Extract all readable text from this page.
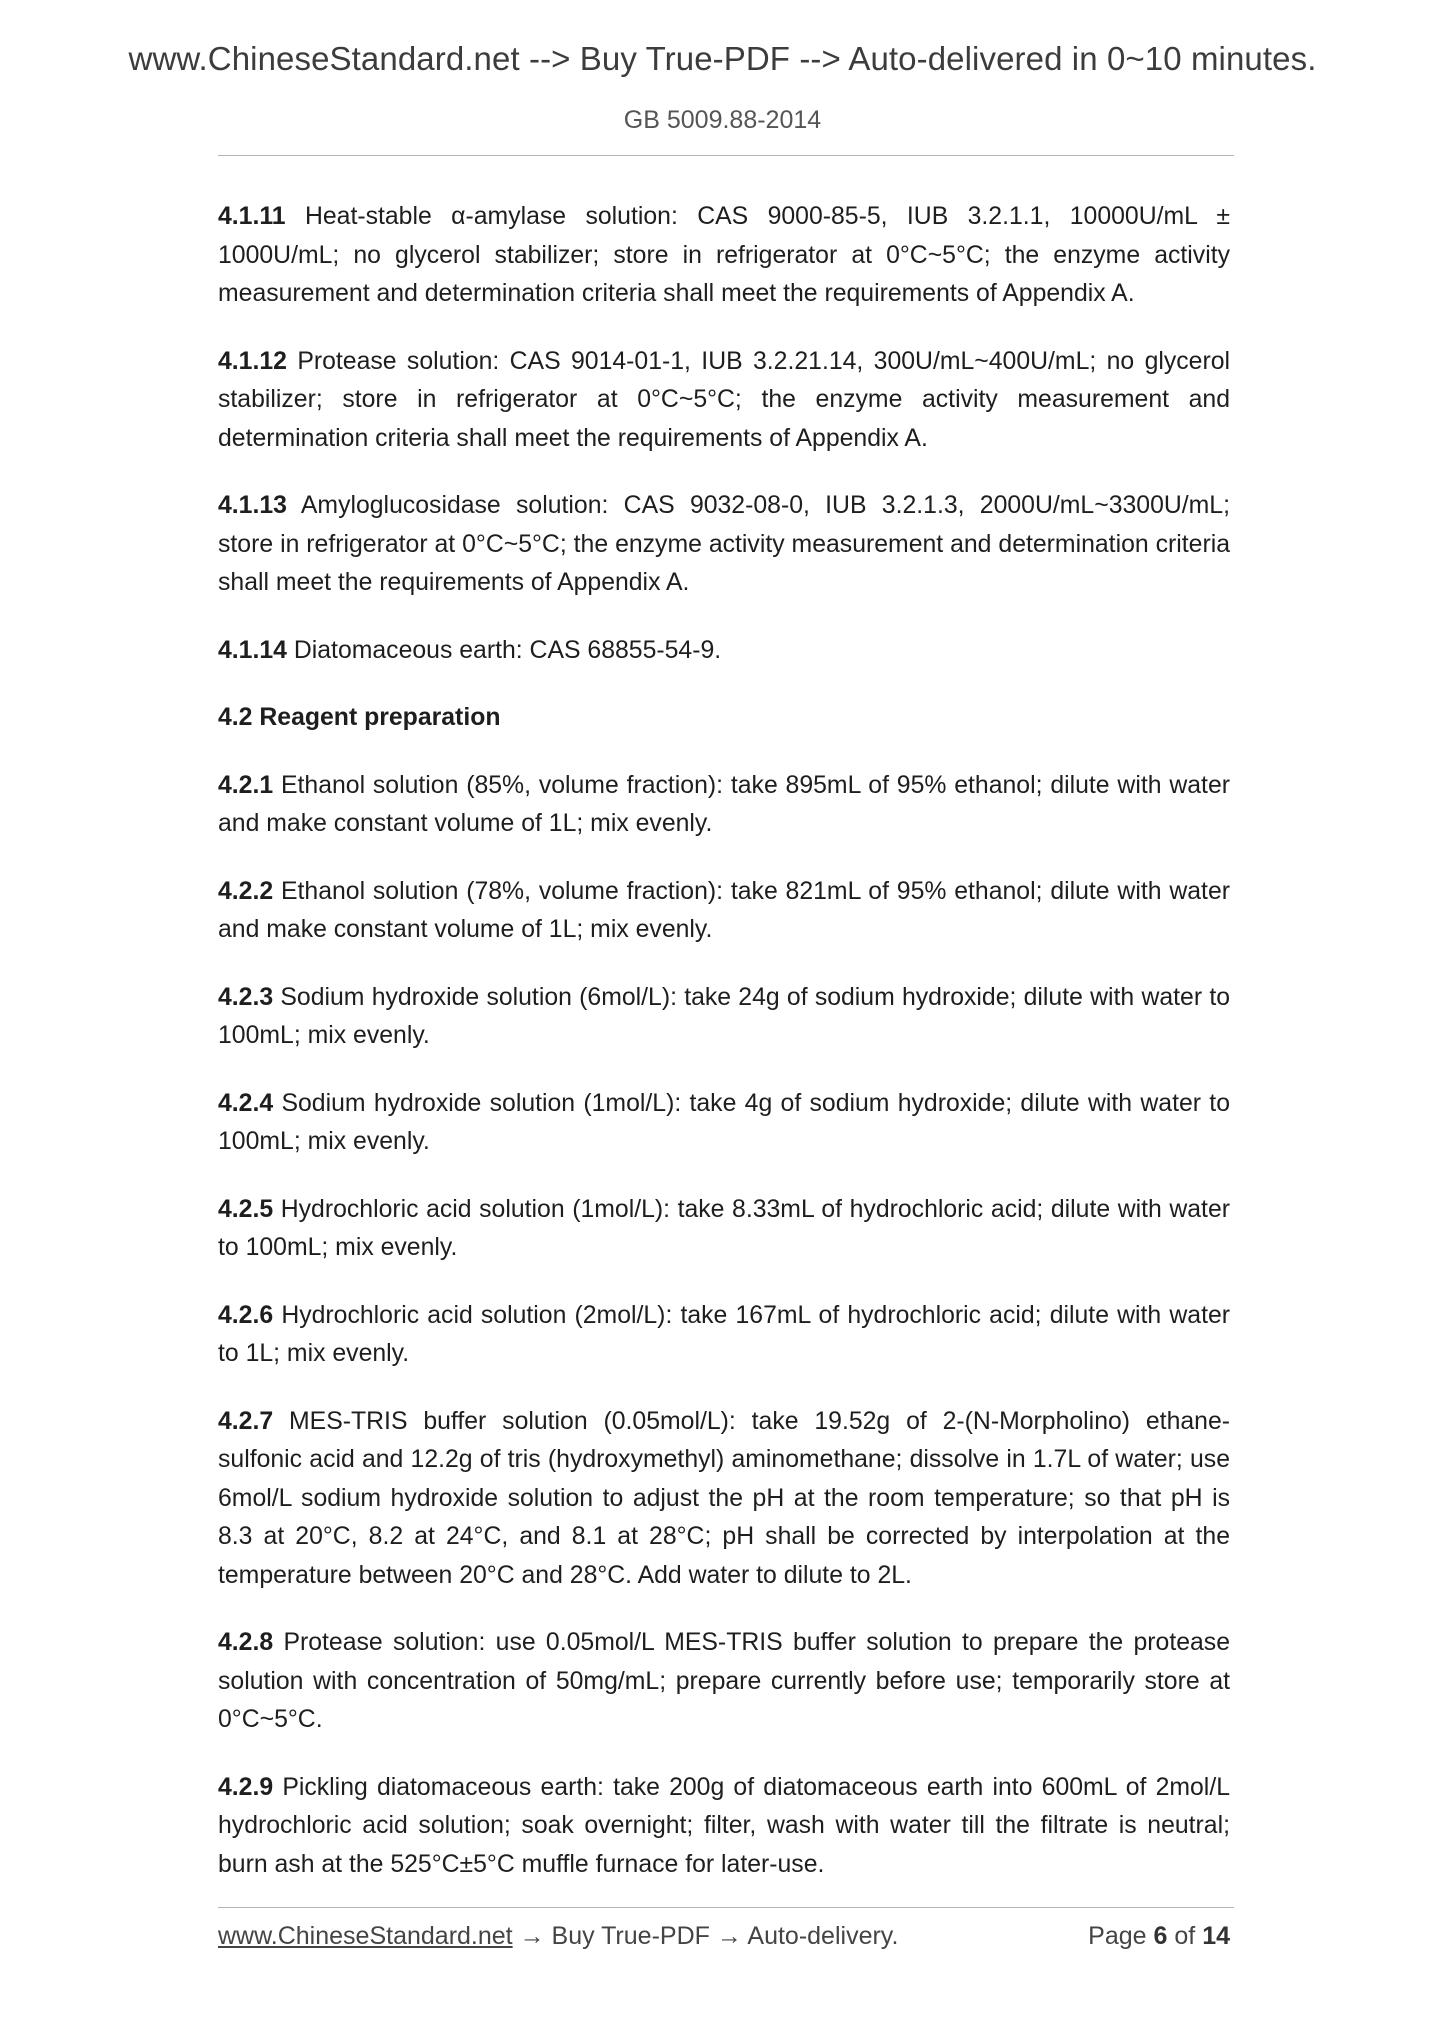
www.ChineseStandard.net --> Buy True-PDF --> Auto-delivered in 0~10 minutes.
GB 5009.88-2014

4.1.11 Heat-stable α-amylase solution: CAS 9000-85-5, IUB 3.2.1.1, 10000U/mL ± 1000U/mL; no glycerol stabilizer; store in refrigerator at 0°C~5°C; the enzyme activity measurement and determination criteria shall meet the requirements of Appendix A.

4.1.12 Protease solution: CAS 9014-01-1, IUB 3.2.21.14, 300U/mL~400U/mL; no glycerol stabilizer; store in refrigerator at 0°C~5°C; the enzyme activity measurement and determination criteria shall meet the requirements of Appendix A.

4.1.13 Amyloglucosidase solution: CAS 9032-08-0, IUB 3.2.1.3, 2000U/mL~3300U/mL; store in refrigerator at 0°C~5°C; the enzyme activity measurement and determination criteria shall meet the requirements of Appendix A.

4.1.14 Diatomaceous earth: CAS 68855-54-9.

4.2 Reagent preparation

4.2.1 Ethanol solution (85%, volume fraction): take 895mL of 95% ethanol; dilute with water and make constant volume of 1L; mix evenly.

4.2.2 Ethanol solution (78%, volume fraction): take 821mL of 95% ethanol; dilute with water and make constant volume of 1L; mix evenly.

4.2.3 Sodium hydroxide solution (6mol/L): take 24g of sodium hydroxide; dilute with water to 100mL; mix evenly.

4.2.4 Sodium hydroxide solution (1mol/L): take 4g of sodium hydroxide; dilute with water to 100mL; mix evenly.

4.2.5 Hydrochloric acid solution (1mol/L): take 8.33mL of hydrochloric acid; dilute with water to 100mL; mix evenly.

4.2.6 Hydrochloric acid solution (2mol/L): take 167mL of hydrochloric acid; dilute with water to 1L; mix evenly.

4.2.7 MES-TRIS buffer solution (0.05mol/L): take 19.52g of 2-(N-Morpholino) ethane-sulfonic acid and 12.2g of tris (hydroxymethyl) aminomethane; dissolve in 1.7L of water; use 6mol/L sodium hydroxide solution to adjust the pH at the room temperature; so that pH is 8.3 at 20°C, 8.2 at 24°C, and 8.1 at 28°C; pH shall be corrected by interpolation at the temperature between 20°C and 28°C. Add water to dilute to 2L.

4.2.8 Protease solution: use 0.05mol/L MES-TRIS buffer solution to prepare the protease solution with concentration of 50mg/mL; prepare currently before use; temporarily store at 0°C~5°C.

4.2.9 Pickling diatomaceous earth: take 200g of diatomaceous earth into 600mL of 2mol/L hydrochloric acid solution; soak overnight; filter, wash with water till the filtrate is neutral; burn ash at the 525°C±5°C muffle furnace for later-use.

www.ChineseStandard.net → Buy True-PDF → Auto-delivery.	Page 6 of 14
